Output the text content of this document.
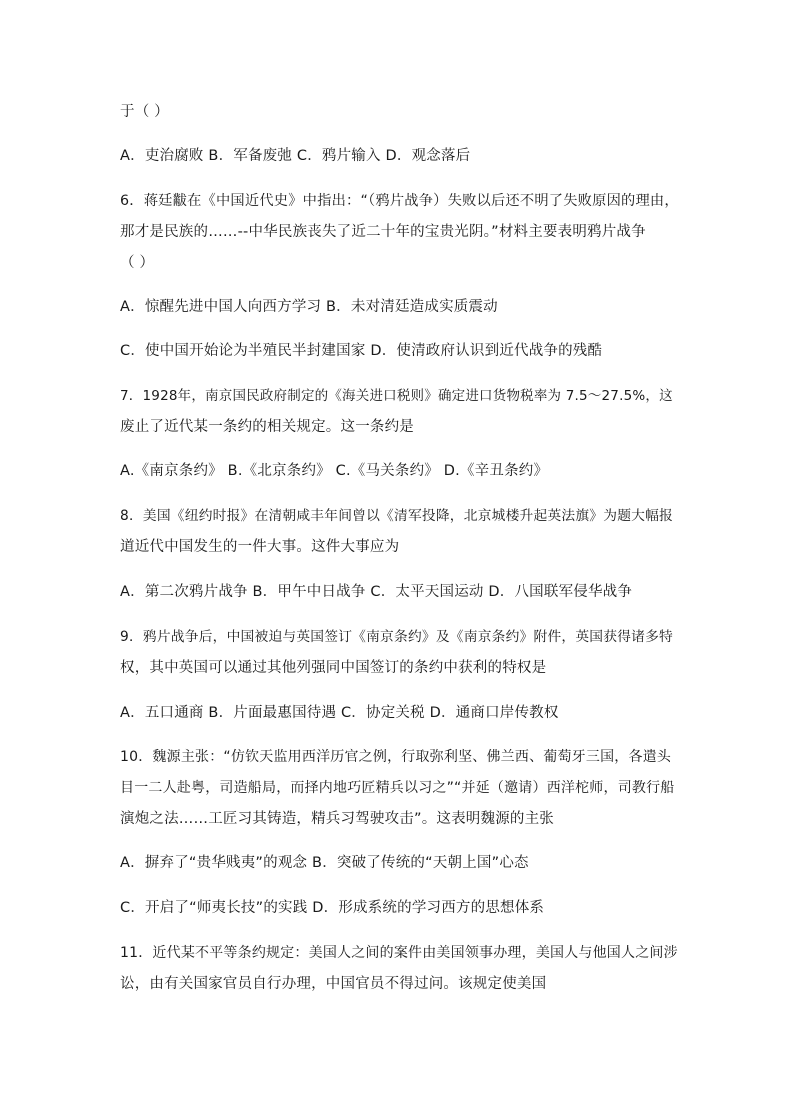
于（ ）
A．吏治腐败 B．军备废弛 C．鸦片输入 D．观念落后
6．蒋廷黻在《中国近代史》中指出：“（鸦片战争）失败以后还不明了失败原因的理由，
那才是民族的……--中华民族丧失了近二十年的宝贵光阴。”材料主要表明鸦片战争
（ ）
A．惊醒先进中国人向西方学习 B．未对清廷造成实质震动
C．使中国开始论为半殖民半封建国家 D．使清政府认识到近代战争的残酷
7．1928年，南京国民政府制定的《海关进口税则》确定进口货物税率为 7.5～27.5%，这
废止了近代某一条约的相关规定。这一条约是
A.《南京条约》 B.《北京条约》 C.《马关条约》 D.《辛丑条约》
8．美国《纽约时报》在清朝咸丰年间曾以《清军投降，北京城楼升起英法旗》为题大幅报
道近代中国发生的一件大事。这件大事应为
A．第二次鸦片战争 B．甲午中日战争 C．太平天国运动 D．八国联军侵华战争
9．鸦片战争后，中国被迫与英国签订《南京条约》及《南京条约》附件，英国获得诸多特
权，其中英国可以通过其他列强同中国签订的条约中获利的特权是
A．五口通商 B．片面最惠国待遇 C．协定关税 D．通商口岸传教权
10．魏源主张：“仿钦天监用西洋历官之例，行取弥利坚、佛兰西、葡萄牙三国，各遣头
目一二人赴粤，司造船局，而择内地巧匠精兵以习之”“并延（邀请）西洋柁师，司教行船
演炮之法……工匠习其铸造，精兵习驾驶攻击”。这表明魏源的主张
A．摒弃了“贵华贱夷”的观念 B．突破了传统的“天朝上国”心态
C．开启了“师夷长技”的实践 D．形成系统的学习西方的思想体系
11．近代某不平等条约规定：美国人之间的案件由美国领事办理，美国人与他国人之间涉
讼，由有关国家官员自行办理，中国官员不得过问。该规定使美国
